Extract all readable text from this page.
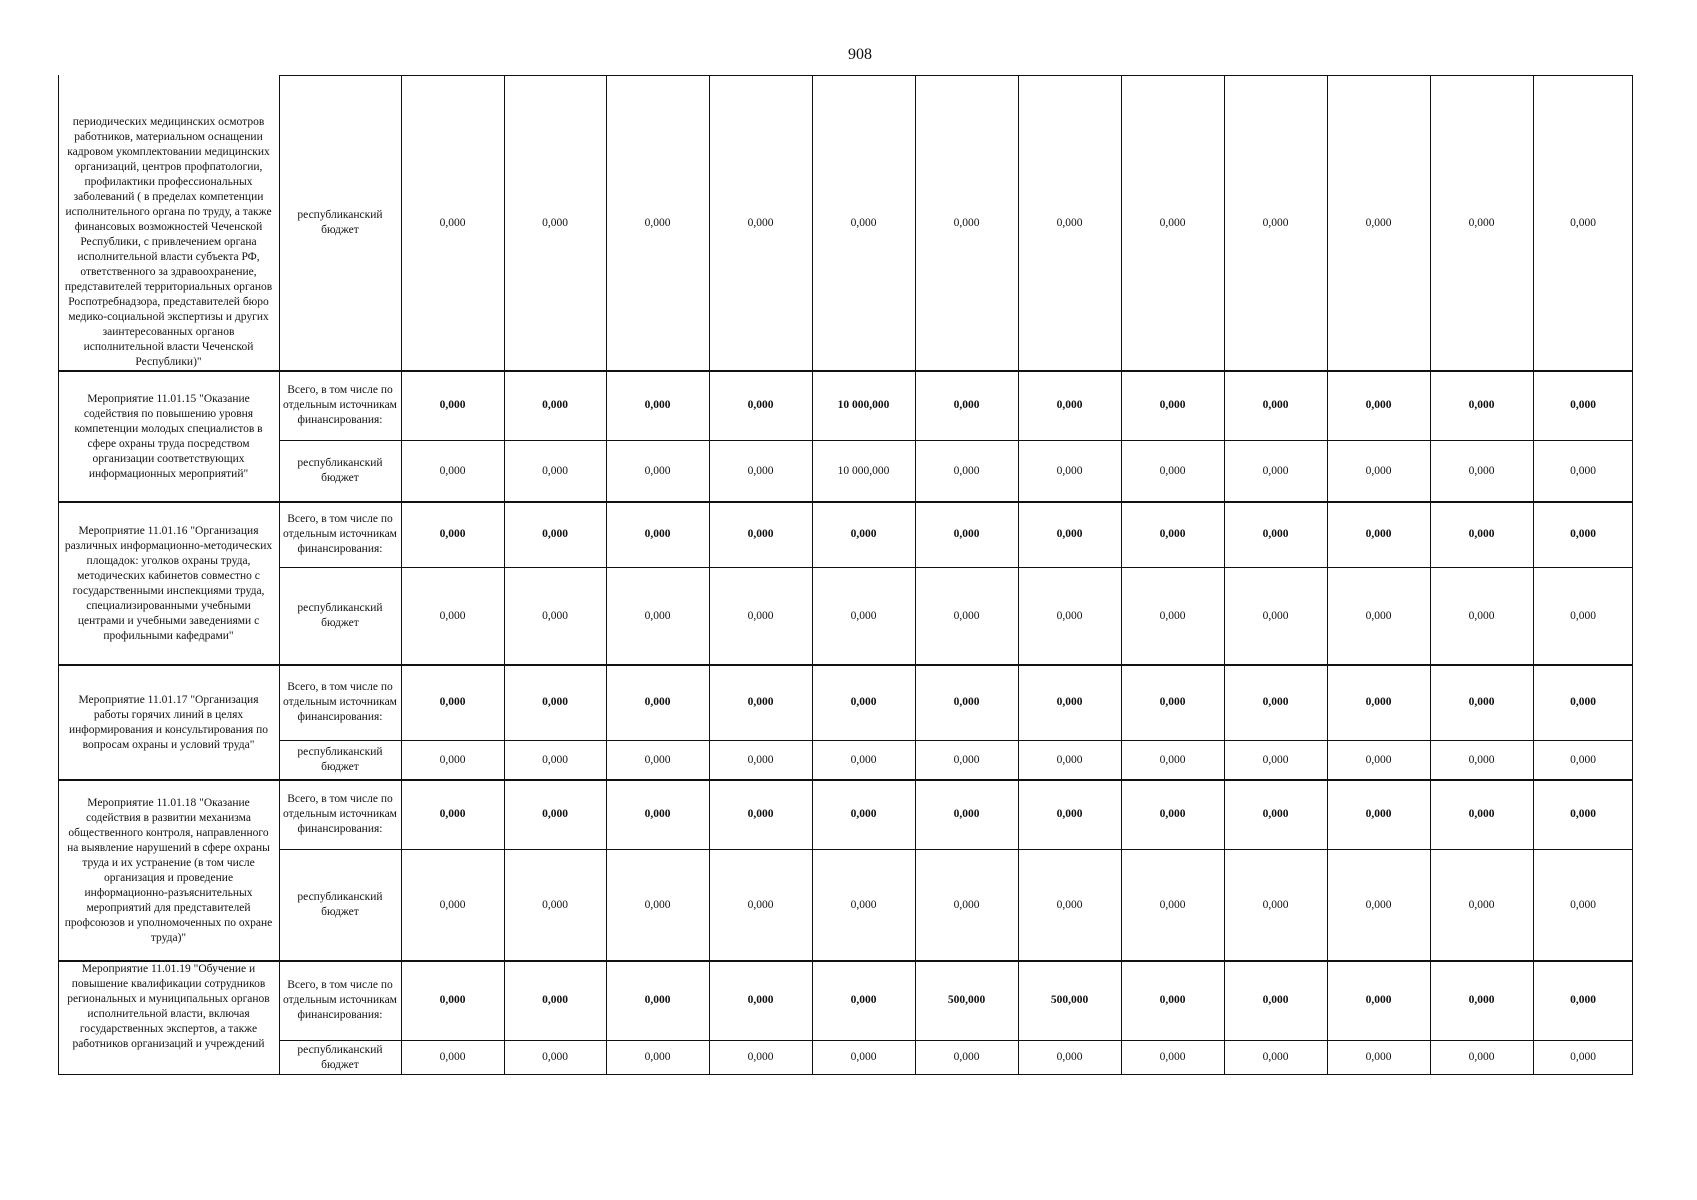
908
периодических медицинских осмотров работников, материальном оснащении кадровом укомплектовании медицинских организаций, центров профпатологии, профилактики профессиональных заболеваний ( в пределах компетенции исполнительного органа по труду, а также финансовых возможностей Чеченской Республики, с привлечением органа исполнительной власти субъекта РФ, ответственного за здравоохранение, представителей территориальных органов Роспотребнадзора, представителей бюро медико-социальной экспертизы и других заинтересованных органов исполнительной власти Чеченской Республики)"
республиканский бюджет
0,000	0,000	0,000	0,000	0,000	0,000	0,000	0,000	0,000	0,000	0,000	0,000
Мероприятие 11.01.15 "Оказание содействия по повышению уровня компетенции молодых специалистов в сфере охраны труда посредством организации соответствующих информационных мероприятий"
Всего, в том числе по отдельным источникам финансирования:
0,000	0,000	0,000	0,000	10 000,000	0,000	0,000	0,000	0,000	0,000	0,000	0,000
республиканский бюджет
0,000	0,000	0,000	0,000	10 000,000	0,000	0,000	0,000	0,000	0,000	0,000	0,000
Мероприятие 11.01.16 "Организация различных информационно-методических площадок: уголков охраны труда, методических кабинетов совместно с государственными инспекциями труда, специализированными учебными центрами и учебными заведениями с профильными кафедрами"
Всего, в том числе по отдельным источникам финансирования:
0,000	0,000	0,000	0,000	0,000	0,000	0,000	0,000	0,000	0,000	0,000	0,000
республиканский бюджет
0,000	0,000	0,000	0,000	0,000	0,000	0,000	0,000	0,000	0,000	0,000	0,000
Мероприятие 11.01.17 "Организация работы горячих линий в целях информирования и консультирования по вопросам охраны и условий труда"
Всего, в том числе по отдельным источникам финансирования:
0,000	0,000	0,000	0,000	0,000	0,000	0,000	0,000	0,000	0,000	0,000	0,000
республиканский бюджет
0,000	0,000	0,000	0,000	0,000	0,000	0,000	0,000	0,000	0,000	0,000	0,000
Мероприятие 11.01.18 "Оказание содействия в развитии механизма общественного контроля, направленного на выявление нарушений в сфере охраны труда и их устранение (в том числе организация и проведение информационно-разъяснительных мероприятий для представителей профсоюзов и уполномоченных по охране труда)"
Всего, в том числе по отдельным источникам финансирования:
0,000	0,000	0,000	0,000	0,000	0,000	0,000	0,000	0,000	0,000	0,000	0,000
республиканский бюджет
0,000	0,000	0,000	0,000	0,000	0,000	0,000	0,000	0,000	0,000	0,000	0,000
Мероприятие 11.01.19 "Обучение и повышение квалификации сотрудников региональных и муниципальных органов исполнительной власти, включая государственных экспертов, а также работников организаций и учреждений
Всего, в том числе по отдельным источникам финансирования:
0,000	0,000	0,000	0,000	0,000	500,000	500,000	0,000	0,000	0,000	0,000	0,000
республиканский бюджет
0,000	0,000	0,000	0,000	0,000	0,000	0,000	0,000	0,000	0,000	0,000	0,000
